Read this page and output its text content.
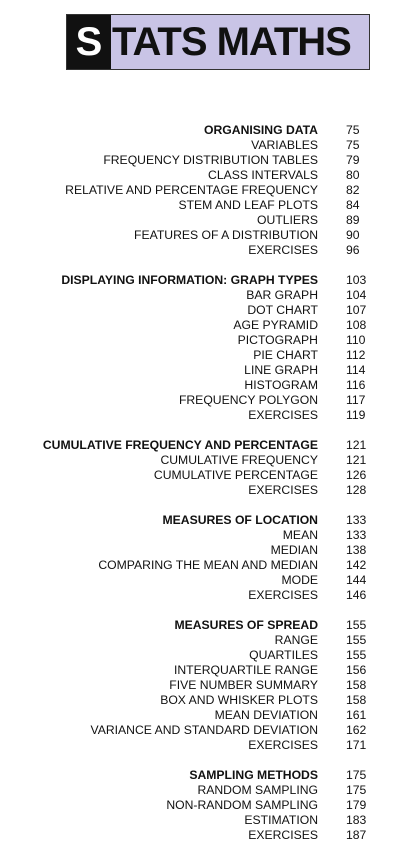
S TATS MATHS
ORGANISING DATA 75
VARIABLES 75
FREQUENCY DISTRIBUTION TABLES 79
CLASS INTERVALS 80
RELATIVE AND PERCENTAGE FREQUENCY 82
STEM AND LEAF PLOTS 84
OUTLIERS 89
FEATURES OF A DISTRIBUTION 90
EXERCISES 96
DISPLAYING INFORMATION: GRAPH TYPES 103
BAR GRAPH 104
DOT CHART 107
AGE PYRAMID 108
PICTOGRAPH 110
PIE CHART 112
LINE GRAPH 114
HISTOGRAM 116
FREQUENCY POLYGON 117
EXERCISES 119
CUMULATIVE FREQUENCY AND PERCENTAGE 121
CUMULATIVE FREQUENCY 121
CUMULATIVE PERCENTAGE 126
EXERCISES 128
MEASURES OF LOCATION 133
MEAN 133
MEDIAN 138
COMPARING THE MEAN AND MEDIAN 142
MODE 144
EXERCISES 146
MEASURES OF SPREAD 155
RANGE 155
QUARTILES 155
INTERQUARTILE RANGE 156
FIVE NUMBER SUMMARY 158
BOX AND WHISKER PLOTS 158
MEAN DEVIATION 161
VARIANCE AND STANDARD DEVIATION 162
EXERCISES 171
SAMPLING METHODS 175
RANDOM SAMPLING 175
NON-RANDOM SAMPLING 179
ESTIMATION 183
EXERCISES 187
